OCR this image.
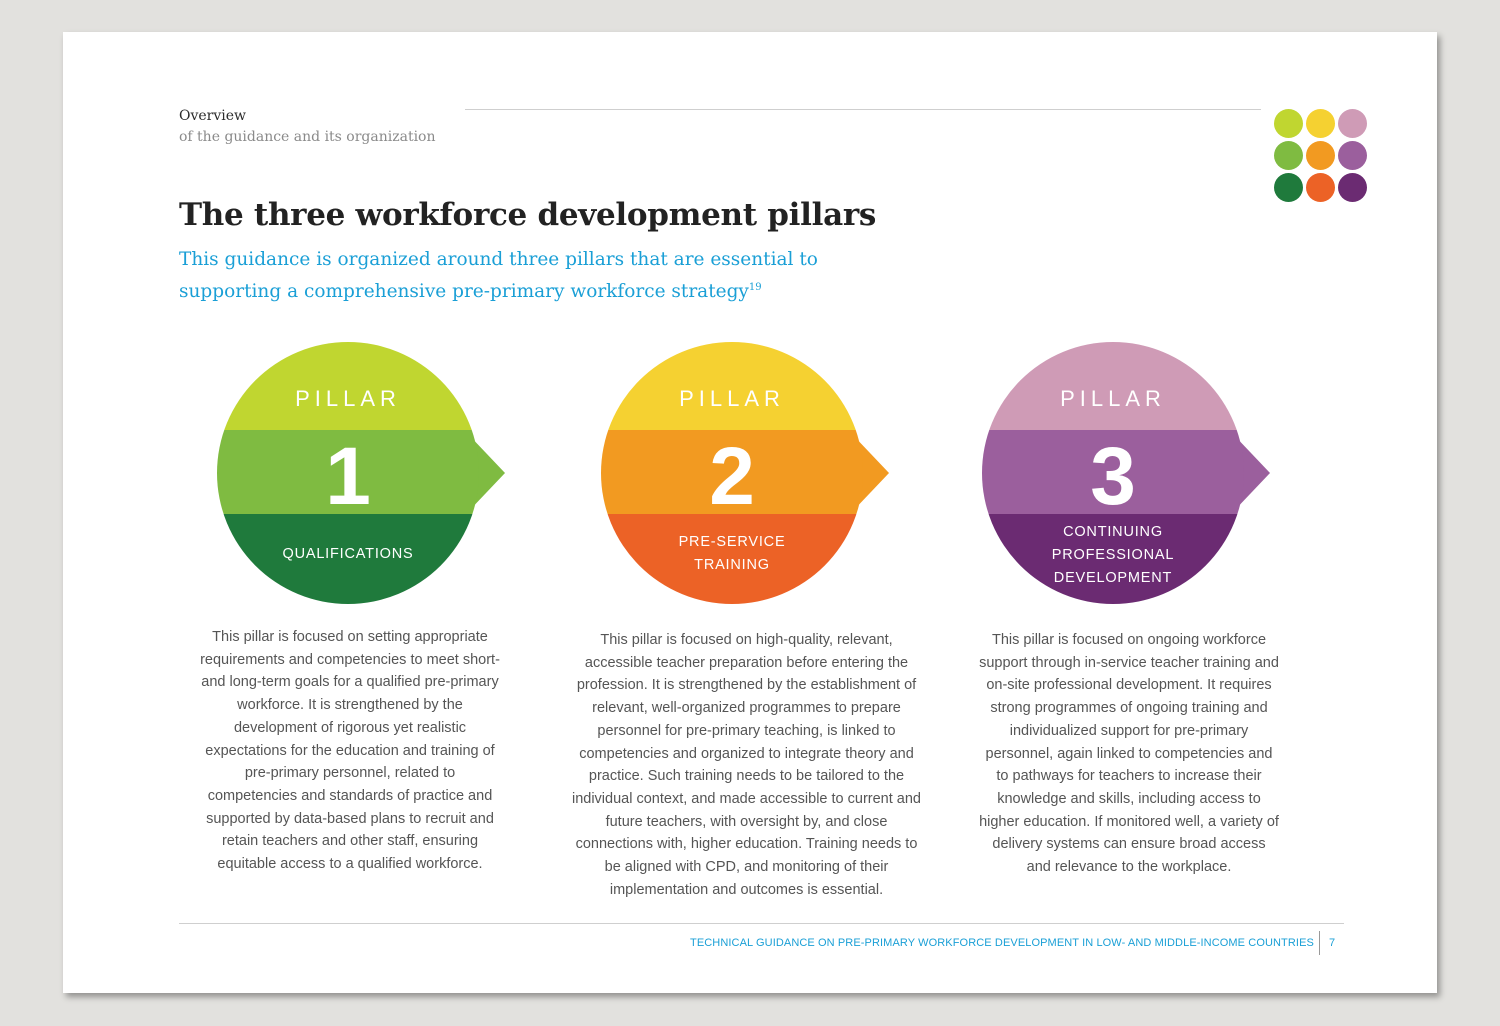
Overview
of the guidance and its organization
The three workforce development pillars
This guidance is organized around three pillars that are essential to supporting a comprehensive pre-primary workforce strategy$^{19}$
PILLAR
1
QUALIFICATIONS
PILLAR
2
PRE-SERVICE
TRAINING
PILLAR
3
CONTINUING
PROFESSIONAL
DEVELOPMENT
This pillar is focused on setting appropriate requirements and competencies to meet short- and long-term goals for a qualified pre-primary workforce. It is strengthened by the development of rigorous yet realistic expectations for the education and training of pre-primary personnel, related to competencies and standards of practice and supported by data-based plans to recruit and retain teachers and other staff, ensuring equitable access to a qualified workforce.
This pillar is focused on high-quality, relevant, accessible teacher preparation before entering the profession. It is strengthened by the establishment of relevant, well-organized programmes to prepare personnel for pre-primary teaching, is linked to competencies and organized to integrate theory and practice. Such training needs to be tailored to the individual context, and made accessible to current and future teachers, with oversight by, and close connections with, higher education. Training needs to be aligned with CPD, and monitoring of their implementation and outcomes is essential.
This pillar is focused on ongoing workforce support through in-service teacher training and on-site professional development. It requires strong programmes of ongoing training and individualized support for pre-primary personnel, again linked to competencies and to pathways for teachers to increase their knowledge and skills, including access to higher education. If monitored well, a variety of delivery systems can ensure broad access and relevance to the workplace.
TECHNICAL GUIDANCE ON PRE-PRIMARY WORKFORCE DEVELOPMENT IN LOW- AND MIDDLE-INCOME COUNTRIES 7
